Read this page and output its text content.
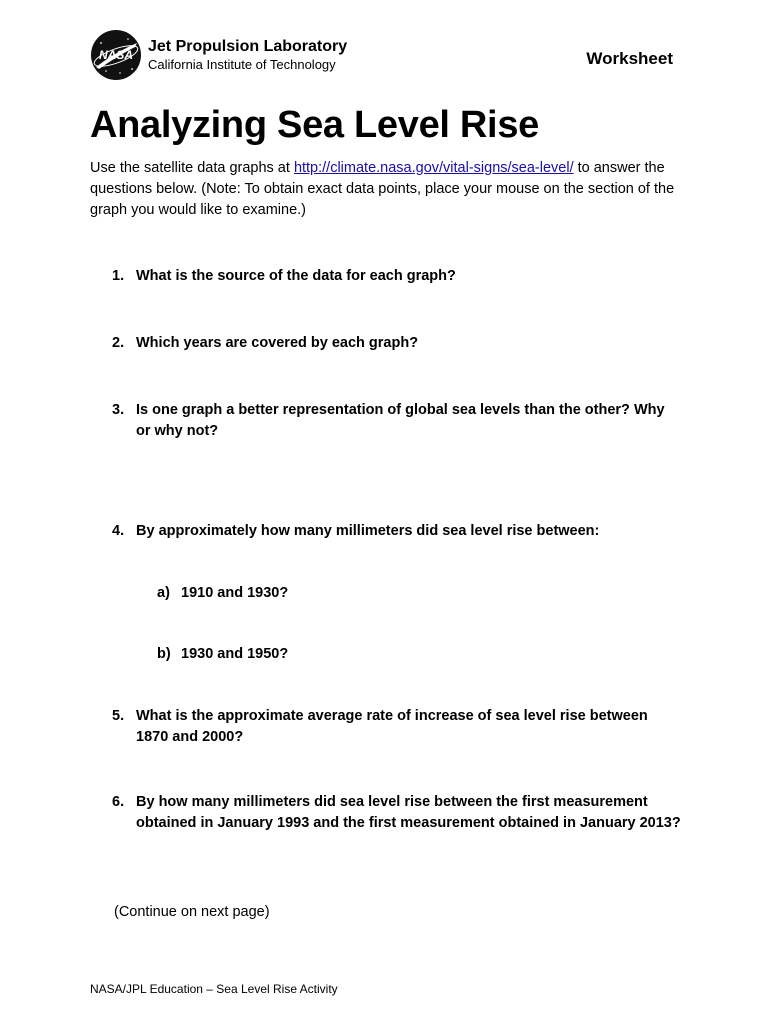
NASA Jet Propulsion Laboratory
California Institute of Technology	Worksheet
Analyzing Sea Level Rise
Use the satellite data graphs at http://climate.nasa.gov/vital-signs/sea-level/ to answer the questions below. (Note: To obtain exact data points, place your mouse on the section of the graph you would like to examine.)
1. What is the source of the data for each graph?
2. Which years are covered by each graph?
3. Is one graph a better representation of global sea levels than the other? Why or why not?
4. By approximately how many millimeters did sea level rise between:
a) 1910 and 1930?
b) 1930 and 1950?
5. What is the approximate average rate of increase of sea level rise between 1870 and 2000?
6. By how many millimeters did sea level rise between the first measurement obtained in January 1993 and the first measurement obtained in January 2013?
(Continue on next page)
NASA/JPL Education – Sea Level Rise Activity
